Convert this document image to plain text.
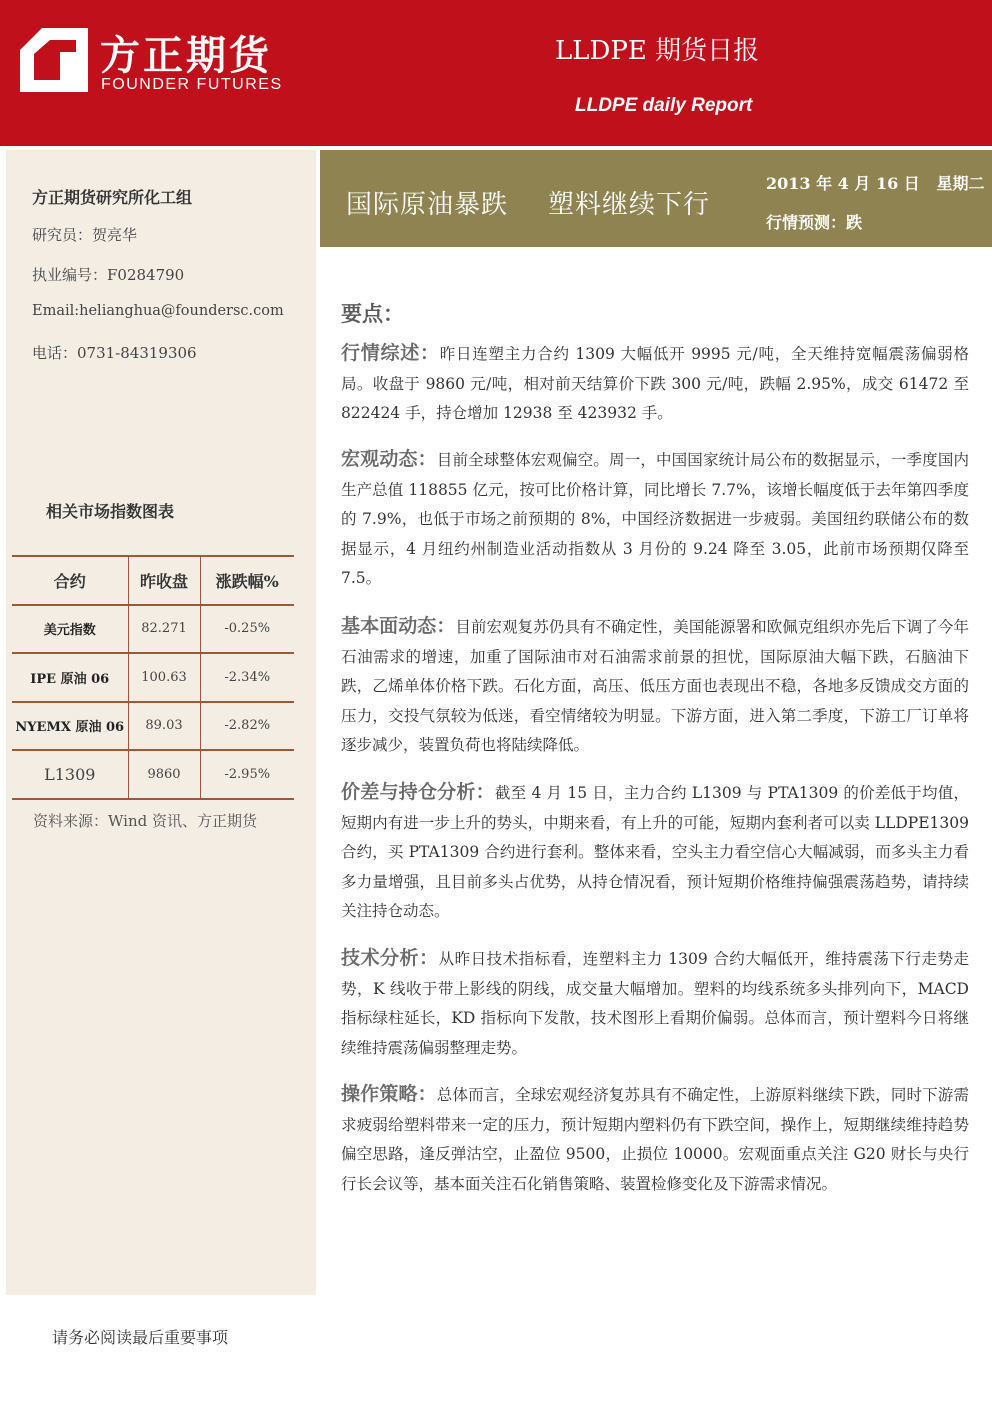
方正期货
FOUNDER FUTURES
LLDPE 期货日报
LLDPE daily Report
方正期货研究所化工组
研究员：贺亮华
执业编号：F0284790
Email:helianghua@foundersc.com
电话：0731-84319306
相关市场指数图表
合约	昨收盘	涨跌幅%
美元指数	82.271	-0.25%
IPE 原油 06	100.63	-2.34%
NYEMX 原油 06	89.03	-2.82%
L1309	9860	-2.95%
资料来源：Wind 资讯、方正期货
国际原油暴跌 塑料继续下行
2013 年 4 月 16 日   星期二
行情预测：跌
要点：
行情综述：昨日连塑主力合约 1309 大幅低开 9995 元/吨，全天维持宽幅震荡偏弱格局。收盘于 9860 元/吨，相对前天结算价下跌 300 元/吨，跌幅 2.95%，成交 61472 至 822424 手，持仓增加 12938 至 423932 手。
宏观动态：目前全球整体宏观偏空。周一，中国国家统计局公布的数据显示，一季度国内生产总值 118855 亿元，按可比价格计算，同比增长 7.7%，该增长幅度低于去年第四季度的 7.9%，也低于市场之前预期的 8%，中国经济数据进一步疲弱。美国纽约联储公布的数据显示，4 月纽约州制造业活动指数从 3 月份的 9.24 降至 3.05，此前市场预期仅降至 7.5。
基本面动态：目前宏观复苏仍具有不确定性，美国能源署和欧佩克组织亦先后下调了今年石油需求的增速，加重了国际油市对石油需求前景的担忧，国际原油大幅下跌，石脑油下跌，乙烯单体价格下跌。石化方面，高压、低压方面也表现出不稳，各地多反馈成交方面的压力，交投气氛较为低迷，看空情绪较为明显。下游方面，进入第二季度，下游工厂订单将逐步减少，装置负荷也将陆续降低。
价差与持仓分析：截至 4 月 15 日，主力合约 L1309 与 PTA1309 的价差低于均值，短期内有进一步上升的势头，中期来看，有上升的可能，短期内套利者可以卖 LLDPE1309 合约，买 PTA1309 合约进行套利。整体来看，空头主力看空信心大幅减弱，而多头主力看多力量增强，且目前多头占优势，从持仓情况看，预计短期价格维持偏强震荡趋势，请持续关注持仓动态。
技术分析：从昨日技术指标看，连塑料主力 1309 合约大幅低开，维持震荡下行走势走势，K 线收于带上影线的阴线，成交量大幅增加。塑料的均线系统多头排列向下，MACD 指标绿柱延长，KD 指标向下发散，技术图形上看期价偏弱。总体而言，预计塑料今日将继续维持震荡偏弱整理走势。
操作策略：总体而言，全球宏观经济复苏具有不确定性，上游原料继续下跌，同时下游需求疲弱给塑料带来一定的压力，预计短期内塑料仍有下跌空间，操作上，短期继续维持趋势偏空思路，逢反弹沽空，止盈位 9500，止损位 10000。宏观面重点关注 G20 财长与央行行长会议等，基本面关注石化销售策略、装置检修变化及下游需求情况。
请务必阅读最后重要事项
